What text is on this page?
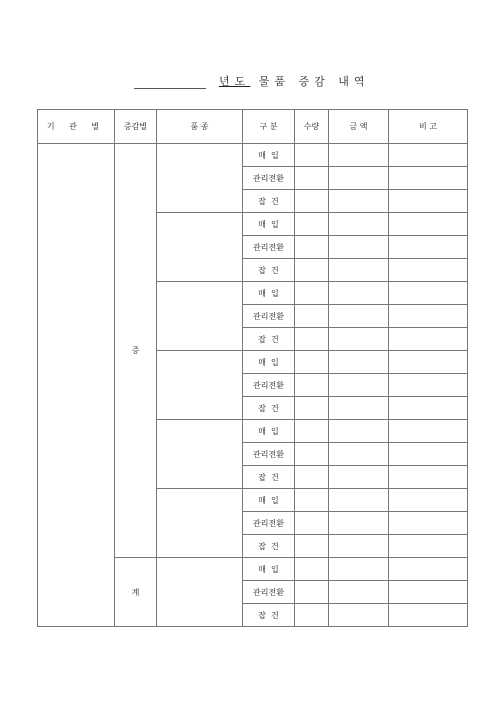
년도 물품 증감 내역
기 관 별	증감별	품 종	구 분	수량	금 액	비 고
	증		매  입			
			관리전환			
			잡  건			
			매  입			
			관리전환			
			잡  건			
			매  입			
			관리전환			
			잡  건			
			매  입			
			관리전환			
			잡  건			
			매  입			
			관리전환			
			잡  건			
			매  입			
			관리전환			
			잡  건			
	계		매  입			
			관리전환			
			잡  건			
